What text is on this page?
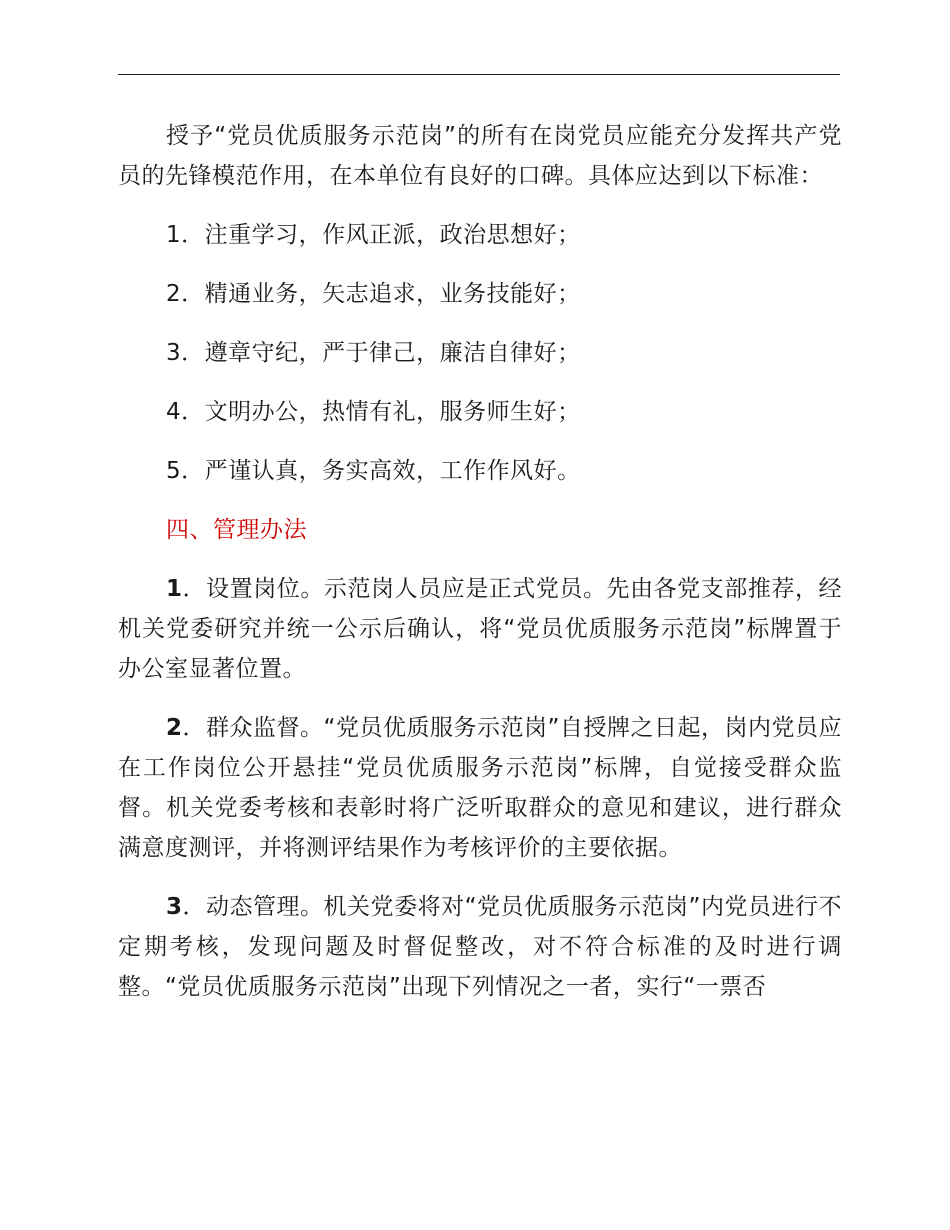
授予“党员优质服务示范岗”的所有在岗党员应能充分发挥共产党员的先锋模范作用，在本单位有良好的口碑。具体应达到以下标准：

1．注重学习，作风正派，政治思想好；

2．精通业务，矢志追求，业务技能好；

3．遵章守纪，严于律己，廉洁自律好；

4．文明办公，热情有礼，服务师生好；

5．严谨认真，务实高效，工作作风好。

四、管理办法

1．设置岗位。示范岗人员应是正式党员。先由各党支部推荐，经机关党委研究并统一公示后确认，将“党员优质服务示范岗”标牌置于办公室显著位置。

2．群众监督。“党员优质服务示范岗”自授牌之日起，岗内党员应在工作岗位公开悬挂“党员优质服务示范岗”标牌，自觉接受群众监督。机关党委考核和表彰时将广泛听取群众的意见和建议，进行群众满意度测评，并将测评结果作为考核评价的主要依据。

3．动态管理。机关党委将对“党员优质服务示范岗”内党员进行不定期考核，发现问题及时督促整改，对不符合标准的及时进行调整。“党员优质服务示范岗”出现下列情况之一者，实行“一票否
